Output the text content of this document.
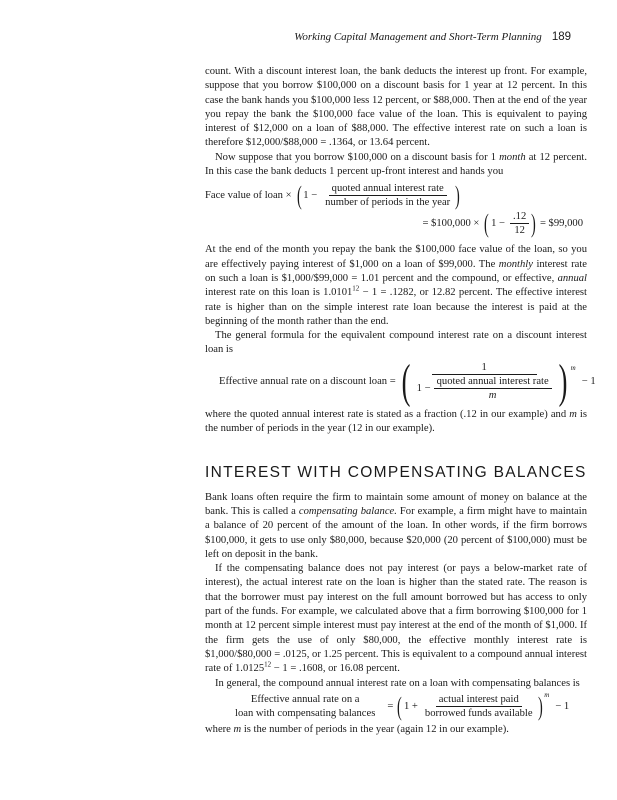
Working Capital Management and Short-Term Planning 189

count. With a discount interest loan, the bank deducts the interest up front. For example, suppose that you borrow $100,000 on a discount basis for 1 year at 12 percent. In this case the bank hands you $100,000 less 12 percent, or $88,000. Then at the end of the year you repay the bank the $100,000 face value of the loan. This is equivalent to paying interest of $12,000 on a loan of $88,000. The effective interest rate on such a loan is therefore $12,000/$88,000 = .1364, or 13.64 percent.

Now suppose that you borrow $100,000 on a discount basis for 1 month at 12 percent. In this case the bank deducts 1 percent up-front interest and hands you

Face value of loan × ( $1 - \frac{\text{quoted annual interest rate}}{\text{number of periods in the year}}$ )
= $100,000 × ( $1 - \frac{.12}{12}$ ) = $99,000

At the end of the month you repay the bank the $100,000 face value of the loan, so you are effectively paying interest of $1,000 on a loan of $99,000. The monthly interest rate on such a loan is $1,000/$99,000 = 1.01 percent and the compound, or effective, annual interest rate on this loan is $1.0101^{12} - 1 = .1282$, or 12.82 percent. The effective interest rate is higher than on the simple interest rate loan because the interest is paid at the beginning of the month rather than the end.

The general formula for the equivalent compound interest rate on a discount interest loan is

Effective annual rate on a discount loan = (	1
$1 - \frac{\text{quoted annual interest rate}}{m}$ ) m
− 1

where the quoted annual interest rate is stated as a fraction (.12 in our example) and m is the number of periods in the year (12 in our example).

INTEREST WITH COMPENSATING BALANCES

Bank loans often require the firm to maintain some amount of money on balance at the bank. This is called a compensating balance. For example, a firm might have to maintain a balance of 20 percent of the amount of the loan. In other words, if the firm borrows $100,000, it gets to use only $80,000, because $20,000 (20 percent of $100,000) must be left on deposit in the bank.

If the compensating balance does not pay interest (or pays a below-market rate of interest), the actual interest rate on the loan is higher than the stated rate. The reason is that the borrower must pay interest on the full amount borrowed but has access to only part of the funds. For example, we calculated above that a firm borrowing $100,000 for 1 month at 12 percent simple interest must pay interest at the end of the month of $1,000. If the firm gets the use of only $80,000, the effective monthly interest rate is $1,000/$80,000 = .0125, or 1.25 percent. This is equivalent to a compound annual interest rate of $1.0125^{12} - 1 = .1608$, or 16.08 percent.

In general, the compound annual interest rate on a loan with compensating balances is

Effective annual rate on a
loan with compensating balances
= ( $1 + \frac{\text{actual interest paid}}{\text{borrowed funds available}}$ ) m
− 1

where m is the number of periods in the year (again 12 in our example).
